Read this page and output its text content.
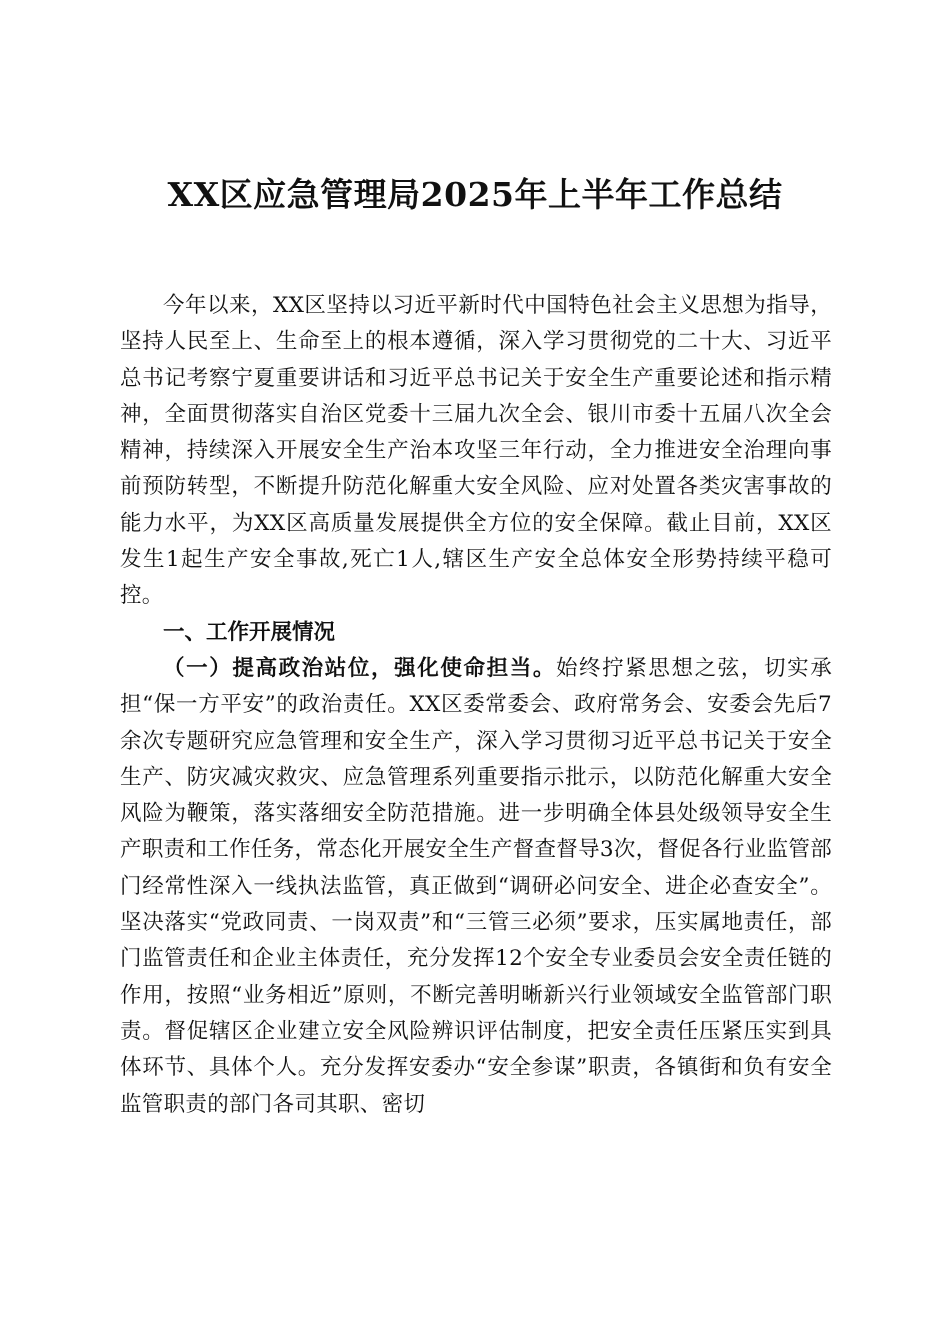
XX区应急管理局2025年上半年工作总结

今年以来，XX区坚持以习近平新时代中国特色社会主义思想为指导，坚持人民至上、生命至上的根本遵循，深入学习贯彻党的二十大、习近平总书记考察宁夏重要讲话和习近平总书记关于安全生产重要论述和指示精神，全面贯彻落实自治区党委十三届九次全会、银川市委十五届八次全会精神，持续深入开展安全生产治本攻坚三年行动，全力推进安全治理向事前预防转型，不断提升防范化解重大安全风险、应对处置各类灾害事故的能力水平，为XX区高质量发展提供全方位的安全保障。截止目前，XX区发生1起生产安全事故,死亡1人,辖区生产安全总体安全形势持续平稳可控。

一、工作开展情况

（一）提高政治站位，强化使命担当。始终拧紧思想之弦，切实承担“保一方平安”的政治责任。XX区委常委会、政府常务会、安委会先后7余次专题研究应急管理和安全生产，深入学习贯彻习近平总书记关于安全生产、防灾减灾救灾、应急管理系列重要指示批示，以防范化解重大安全风险为鞭策，落实落细安全防范措施。进一步明确全体县处级领导安全生产职责和工作任务，常态化开展安全生产督查督导3次，督促各行业监管部门经常性深入一线执法监管，真正做到“调研必问安全、进企必查安全”。坚决落实“党政同责、一岗双责”和“三管三必须”要求，压实属地责任，部门监管责任和企业主体责任，充分发挥12个安全专业委员会安全责任链的作用，按照“业务相近”原则，不断完善明晰新兴行业领域安全监管部门职责。督促辖区企业建立安全风险辨识评估制度，把安全责任压紧压实到具体环节、具体个人。充分发挥安委办“安全参谋”职责，各镇街和负有安全监管职责的部门各司其职、密切
